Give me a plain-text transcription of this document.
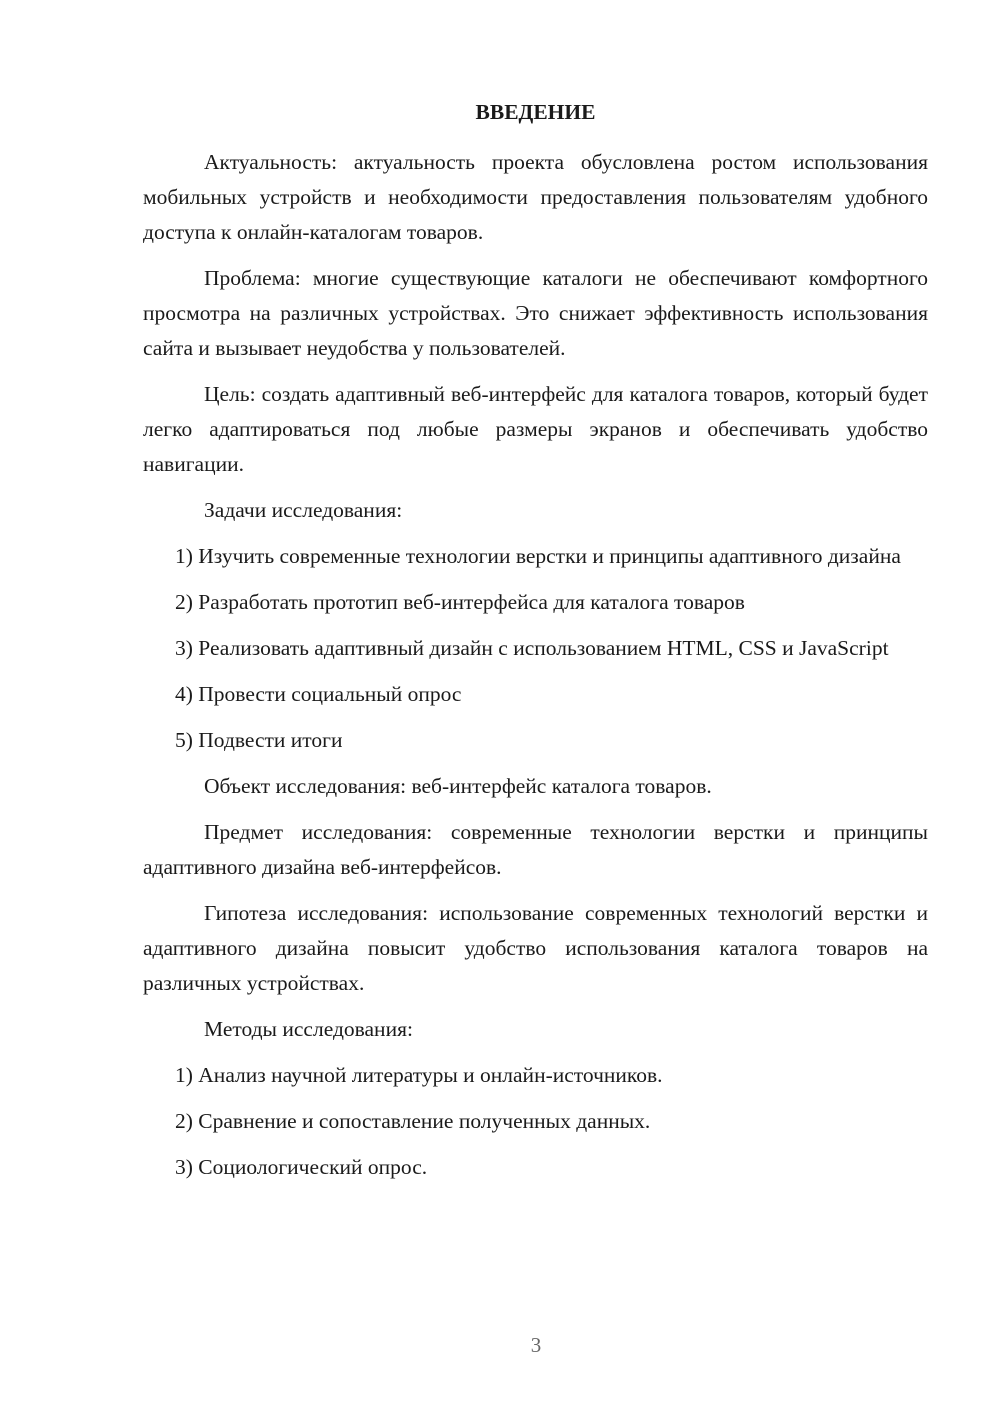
ВВЕДЕНИЕ

Актуальность: актуальность проекта обусловлена ростом использования мобильных устройств и необходимости предоставления пользователям удобного доступа к онлайн-каталогам товаров.

Проблема: многие существующие каталоги не обеспечивают комфортного просмотра на различных устройствах. Это снижает эффективность использования сайта и вызывает неудобства у пользователей.

Цель: создать адаптивный веб-интерфейс для каталога товаров, который будет легко адаптироваться под любые размеры экранов и обеспечивать удобство навигации.

Задачи исследования:

1) Изучить современные технологии верстки и принципы адаптивного дизайна

2) Разработать прототип веб-интерфейса для каталога товаров

3) Реализовать адаптивный дизайн с использованием HTML, CSS и JavaScript

4) Провести социальный опрос

5) Подвести итоги

Объект исследования: веб-интерфейс каталога товаров.

Предмет исследования: современные технологии верстки и принципы адаптивного дизайна веб-интерфейсов.

Гипотеза исследования: использование современных технологий верстки и адаптивного дизайна повысит удобство использования каталога товаров на различных устройствах.

Методы исследования:

1) Анализ научной литературы и онлайн-источников.

2) Сравнение и сопоставление полученных данных.

3) Социологический опрос.

3
